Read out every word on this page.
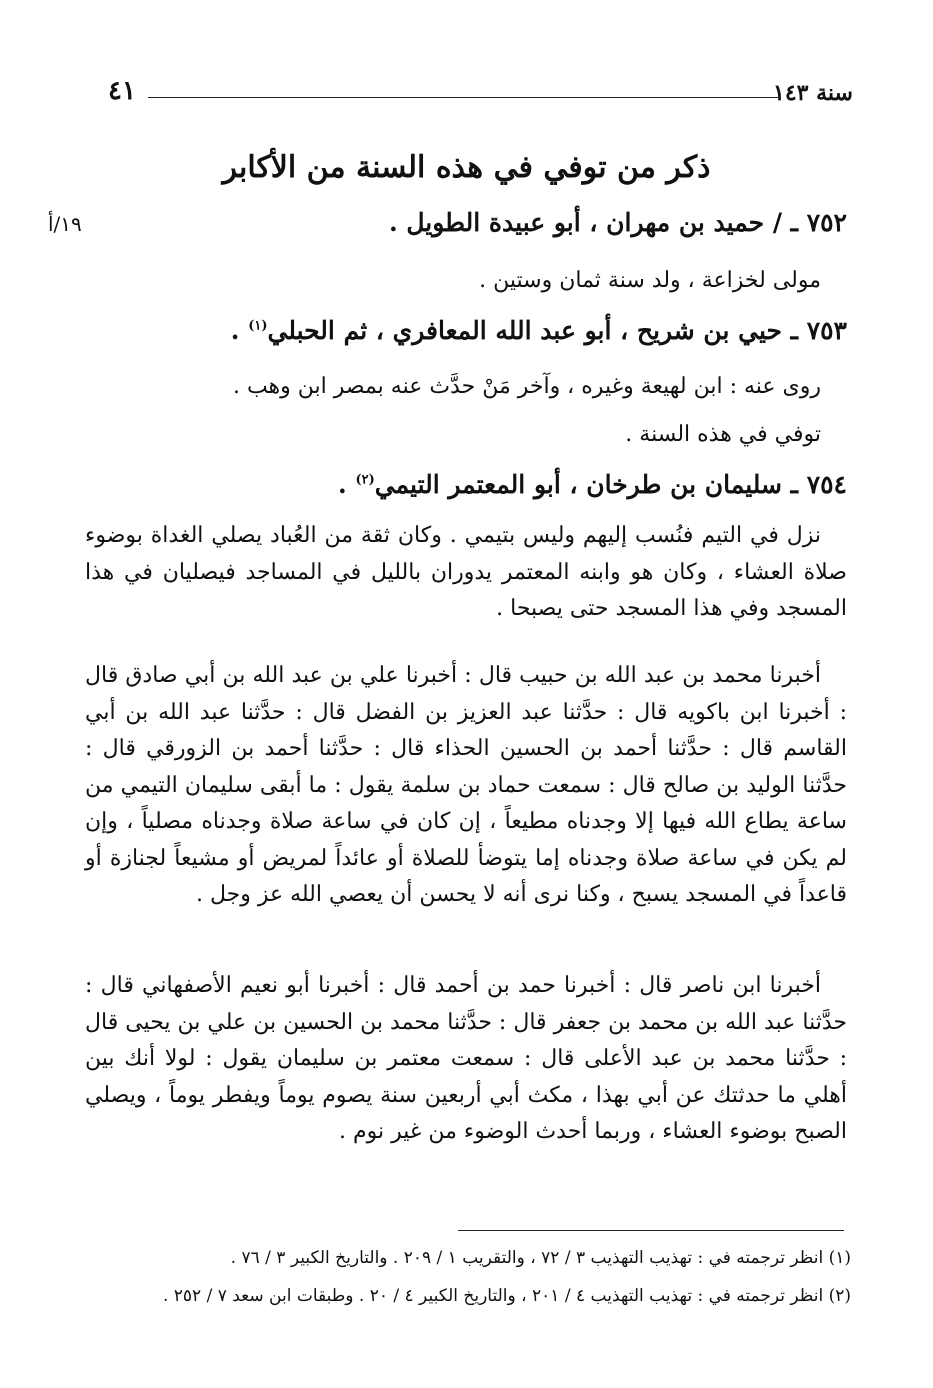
سنة ١٤٣
٤١
ذكر من توفي في هذه السنة من الأكابر
١٩/أ	٧٥٢ ـ / حميد بن مهران ، أبو عبيدة الطويل .
مولى لخزاعة ، ولد سنة ثمان وستين .
٧٥٣ ـ حيي بن شريح ، أبو عبد الله المعافري ، ثم الحبلي$^{(١)}$ .
روى عنه : ابن لهيعة وغيره ، وآخر مَنْ حدَّث عنه بمصر ابن وهب .
توفي في هذه السنة .
٧٥٤ ـ سليمان بن طرخان ، أبو المعتمر التيمي$^{(٢)}$ .
نزل في التيم فنُسب إليهم وليس بتيمي . وكان ثقة من العُباد يصلي الغداة بوضوء صلاة العشاء ، وكان هو وابنه المعتمر يدوران بالليل في المساجد فيصليان في هذا المسجد وفي هذا المسجد حتى يصبحا .
أخبرنا محمد بن عبد الله بن حبيب قال : أخبرنا علي بن عبد الله بن أبي صادق قال : أخبرنا ابن باكويه قال : حدَّثنا عبد العزيز بن الفضل قال : حدَّثنا عبد الله بن أبي القاسم قال : حدَّثنا أحمد بن الحسين الحذاء قال : حدَّثنا أحمد بن الزورقي قال : حدَّثنا الوليد بن صالح قال : سمعت حماد بن سلمة يقول : ما أبقى سليمان التيمي من ساعة يطاع الله فيها إلا وجدناه مطيعاً ، إن كان في ساعة صلاة وجدناه مصلياً ، وإن لم يكن في ساعة صلاة وجدناه إما يتوضأ للصلاة أو عائداً لمريض أو مشيعاً لجنازة أو قاعداً في المسجد يسبح ، وكنا نرى أنه لا يحسن أن يعصي الله عز وجل .
أخبرنا ابن ناصر قال : أخبرنا حمد بن أحمد قال : أخبرنا أبو نعيم الأصفهاني قال : حدَّثنا عبد الله بن محمد بن جعفر قال : حدَّثنا محمد بن الحسين بن علي بن يحيى قال : حدَّثنا محمد بن عبد الأعلى قال : سمعت معتمر بن سليمان يقول : لولا أنك بين أهلي ما حدثتك عن أبي بهذا ، مكث أبي أربعين سنة يصوم يوماً ويفطر يوماً ، ويصلي الصبح بوضوء العشاء ، وربما أحدث الوضوء من غير نوم .
(١) انظر ترجمته في : تهذيب التهذيب ٣ / ٧٢ ، والتقريب ١ / ٢٠٩ . والتاريخ الكبير ٣ / ٧٦ .
(٢) انظر ترجمته في : تهذيب التهذيب ٤ / ٢٠١ ، والتاريخ الكبير ٤ / ٢٠ . وطبقات ابن سعد ٧ / ٢٥٢ .
